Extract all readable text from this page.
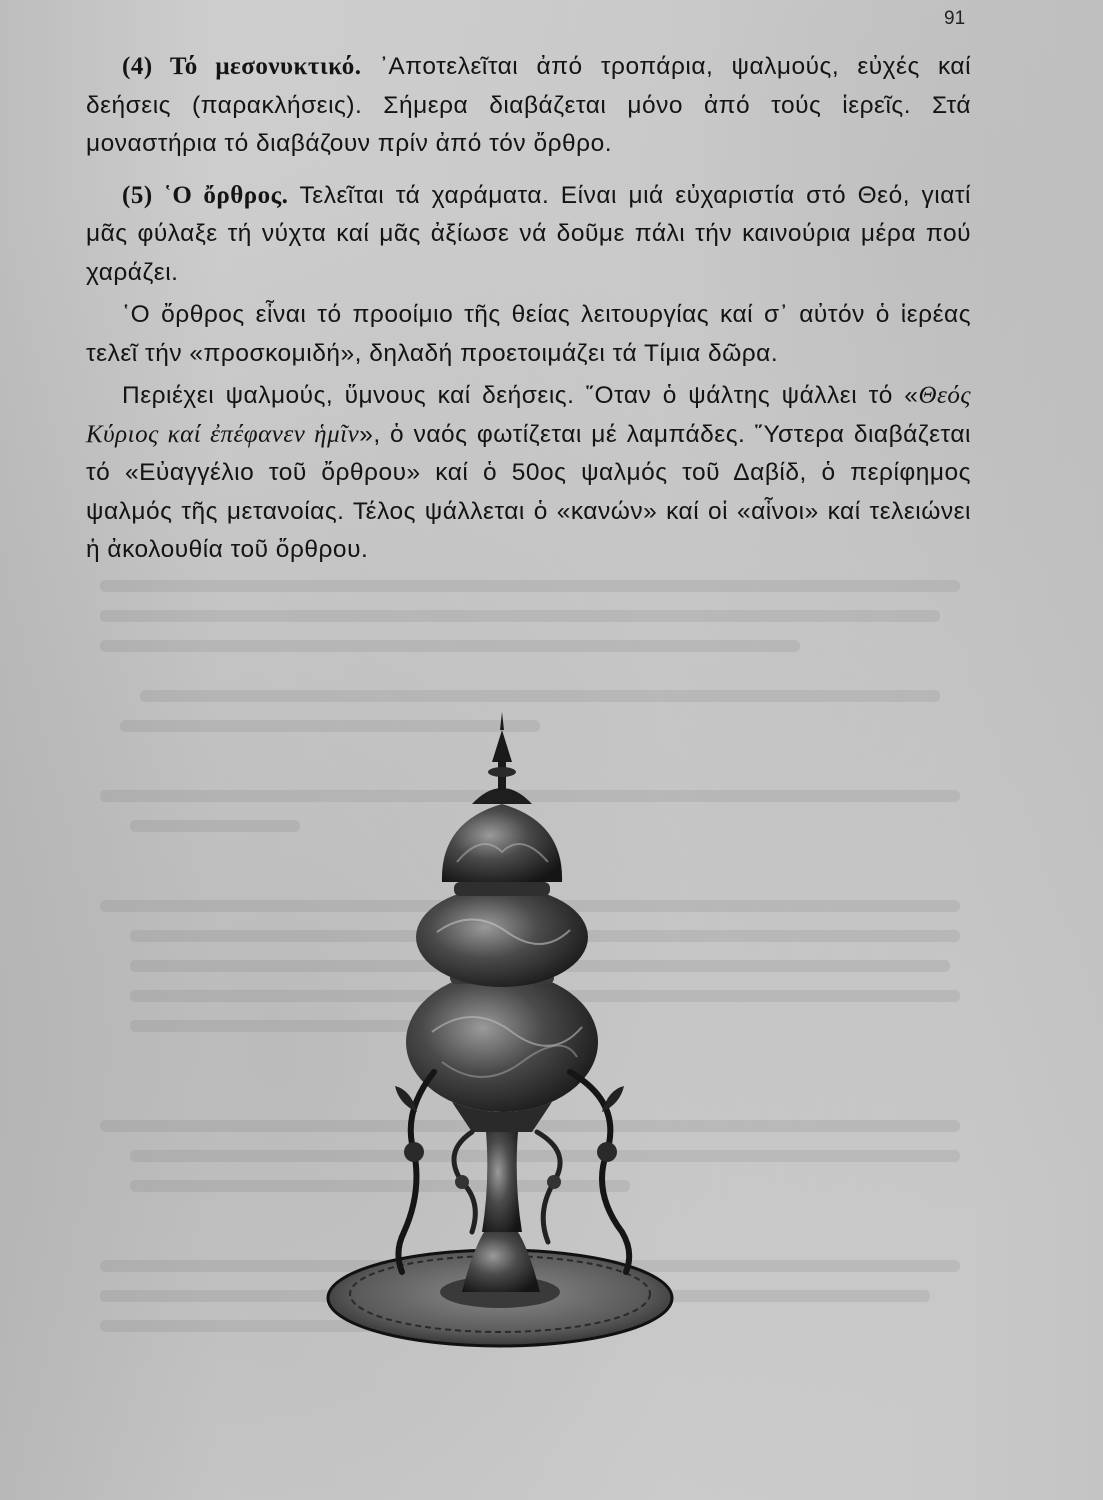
91

(4) Τό μεσονυκτικό. ᾽Αποτελεῖται ἀπό τροπάρια, ψαλμούς, εὐχές καί δεήσεις (παρακλήσεις). Σήμερα διαβάζεται μόνο ἀπό τούς ἱερεῖς. Στά μοναστήρια τό διαβάζουν πρίν ἀπό τόν ὄρθρο.

(5) ῾Ο ὄρθρος. Τελεῖται τά χαράματα. Είναι μιά εὐχαριστία στό Θεό, γιατί μᾶς φύλαξε τή νύχτα καί μᾶς ἀξίωσε νά δοῦμε πάλι τήν καινούρια μέρα πού χαράζει.

῾Ο ὄρθρος εἶναι τό προοίμιο τῆς θείας λειτουργίας καί σ᾽ αὐτόν ὁ ἱερέας τελεῖ τήν «προσκομιδή», δηλαδή προετοιμάζει τά Τίμια δῶρα.

Περιέχει ψαλμούς, ὕμνους καί δεήσεις. ῞Οταν ὁ ψάλτης ψάλλει τό «Θεός Κύριος καί ἐπέφανεν ἡμῖν», ὁ ναός φωτίζεται μέ λαμπάδες. ῞Υστερα διαβάζεται τό «Εὐαγγέλιο τοῦ ὄρθρου» καί ὁ 50ος ψαλμός τοῦ Δαβίδ, ὁ περίφημος ψαλμός τῆς μετανοίας. Τέλος ψάλλεται ὁ «κανών» καί οἱ «αἶνοι» καί τελειώνει ἡ ἀκολουθία τοῦ ὄρθρου.
